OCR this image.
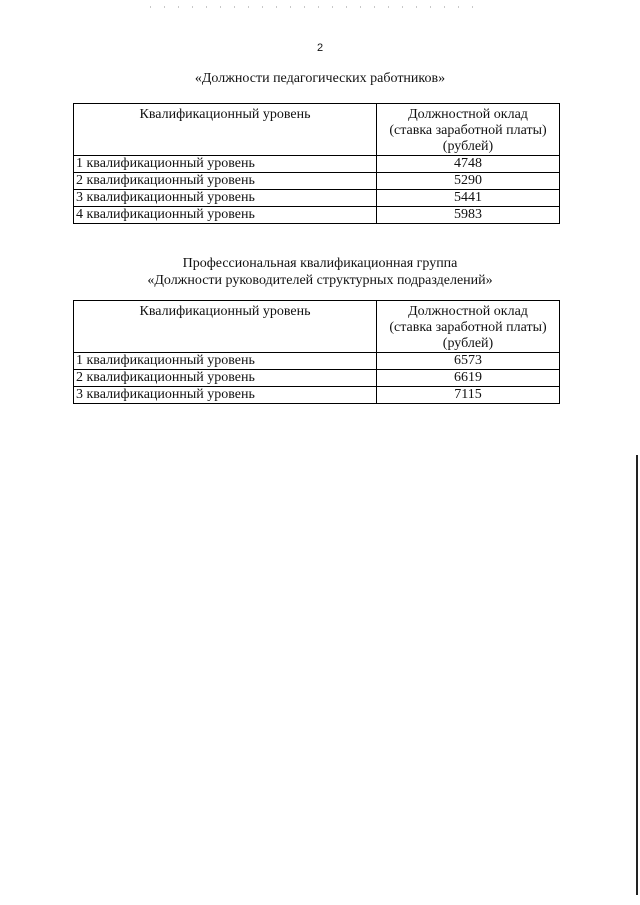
2
«Должности педагогических работников»
Квалификационный уровень	Должностной оклад
(ставка заработной платы)
(рублей)

1 квалификационный уровень	4748
2 квалификационный уровень	5290
3 квалификационный уровень	5441
4 квалификационный уровень	5983
Профессиональная квалификационная группа
«Должности руководителей структурных подразделений»
Квалификационный уровень	Должностной оклад
(ставка заработной платы)
(рублей)

1 квалификационный уровень	6573
2 квалификационный уровень	6619
3 квалификационный уровень	7115
